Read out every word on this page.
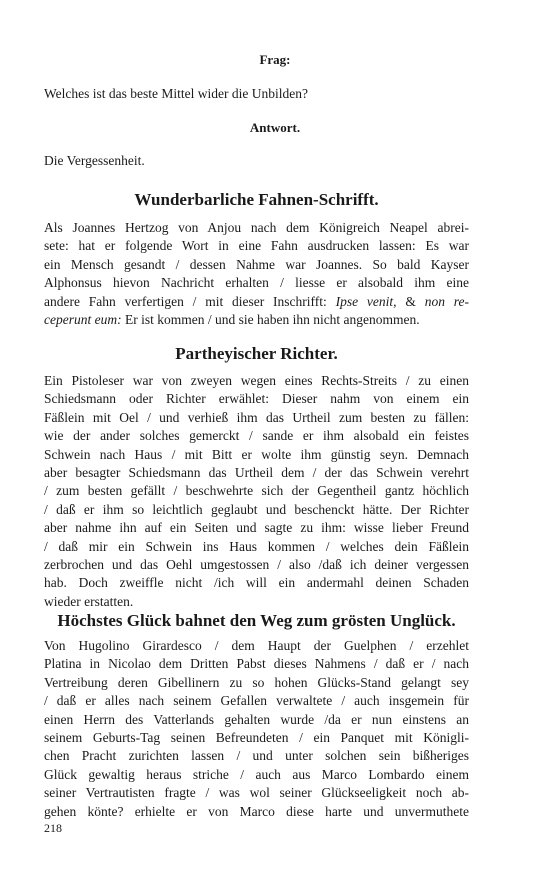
Frag:
Welches ist das beste Mittel wider die Unbilden?
Antwort.
Die Vergessenheit.
Wunderbarliche Fahnen-Schrifft.
Als Joannes Hertzog von Anjou nach dem Königreich Neapel abrei-
sete: hat er folgende Wort in eine Fahn ausdrucken lassen: Es war
ein Mensch gesandt / dessen Nahme war Joannes. So bald Kayser
Alphonsus hievon Nachricht erhalten / liesse er alsobald ihm eine
andere Fahn verfertigen / mit dieser Inschrifft: Ipse venit, & non re-
ceperunt eum: Er ist kommen / und sie haben ihn nicht angenommen.
Partheyischer Richter.
Ein Pistoleser war von zweyen wegen eines Rechts-Streits / zu einen
Schiedsmann oder Richter erwählet: Dieser nahm von einem ein
Fäßlein mit Oel / und verhieß ihm das Urtheil zum besten zu fällen:
wie der ander solches gemerckt / sande er ihm alsobald ein feistes
Schwein nach Haus / mit Bitt er wolte ihm günstig seyn. Demnach
aber besagter Schiedsmann das Urtheil dem / der das Schwein verehrt
/ zum besten gefällt / beschwehrte sich der Gegentheil gantz höchlich
/ daß er ihm so leichtlich geglaubt und beschenckt hätte. Der Richter
aber nahme ihn auf ein Seiten und sagte zu ihm: wisse lieber Freund
/ daß mir ein Schwein ins Haus kommen / welches dein Fäßlein
zerbrochen und das Oehl umgestossen / also /daß ich deiner vergessen
hab. Doch zweiffle nicht /ich will ein andermahl deinen Schaden
wieder erstatten.
Höchstes Glück bahnet den Weg zum grösten Unglück.
Von Hugolino Girardesco / dem Haupt der Guelphen / erzehlet
Platina in Nicolao dem Dritten Pabst dieses Nahmens / daß er / nach
Vertreibung deren Gibellinern zu so hohen Glücks-Stand gelangt sey
/ daß er alles nach seinem Gefallen verwaltete / auch insgemein für
einen Herrn des Vatterlands gehalten wurde /da er nun einstens an
seinem Geburts-Tag seinen Befreundeten / ein Panquet mit Königli-
chen Pracht zurichten lassen / und unter solchen sein bißheriges
Glück gewaltig heraus striche / auch aus Marco Lombardo einem
seiner Vertrautisten fragte / was wol seiner Glückseeligkeit noch ab-
gehen könte? erhielte er von Marco diese harte und unvermuthete
218
